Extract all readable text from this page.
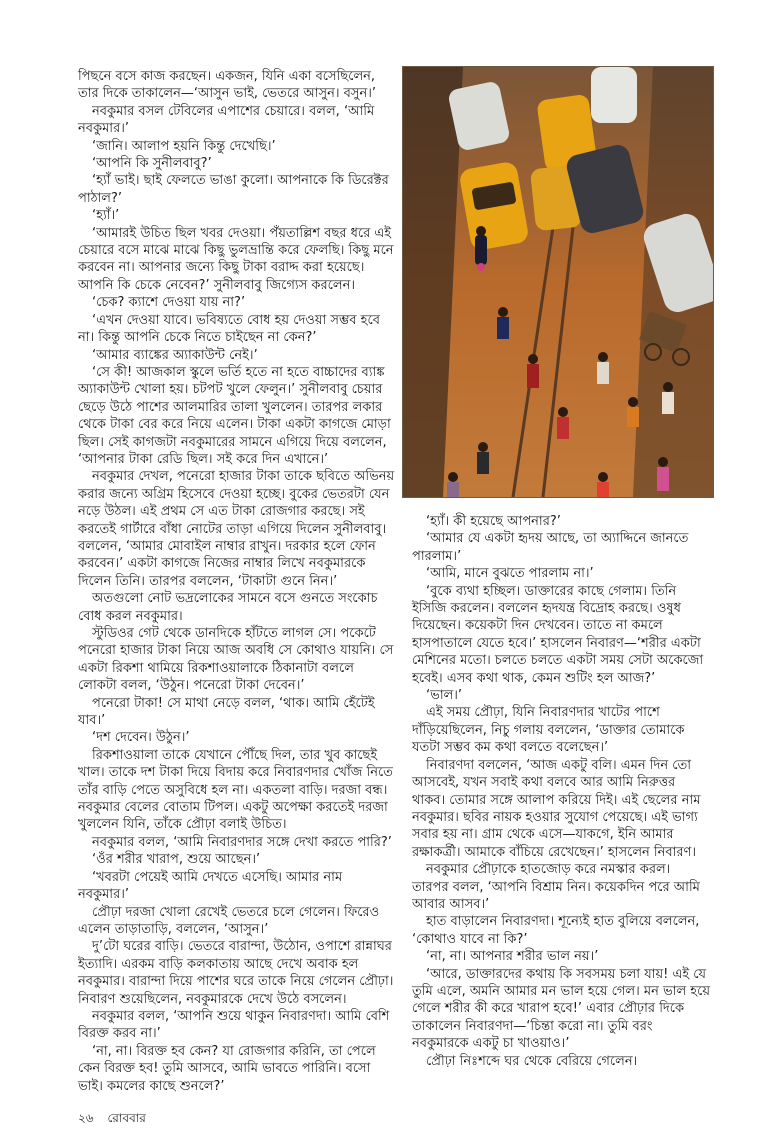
পিছনে বসে কাজ করছেন। একজন, যিনি একা বসেছিলেন, তার দিকে তাকালেন—‘আসুন ভাই, ভেতরে আসুন। বসুন।’

নবকুমার বসল টেবিলের এপাশের চেয়ারে। বলল, ‘আমি নবকুমার।’

‘জানি। আলাপ হয়নি কিন্তু দেখেছি।’

‘আপনি কি সুনীলবাবু?’

‘হ্যাঁ ভাই। ছাই ফেলতে ভাঙা কুলো। আপনাকে কি ডিরেক্টর পাঠাল?’

‘হ্যাঁ।’

‘আমারই উচিত ছিল খবর দেওয়া। পঁয়তাল্লিশ বছর ধরে এই চেয়ারে বসে মাঝে মাঝে কিছু ভুলভ্রান্তি করে ফেলছি। কিছু মনে করবেন না। আপনার জন্যে কিছু টাকা বরাদ্দ করা হয়েছে। আপনি কি চেকে নেবেন?’ সুনীলবাবু জিগ্যেস করলেন।

‘চেক? ক্যাশে দেওয়া যায় না?’

‘এখন দেওয়া যাবে। ভবিষ্যতে বোধ হয় দেওয়া সম্ভব হবে না। কিন্তু আপনি চেকে নিতে চাইছেন না কেন?’

‘আমার ব্যাঙ্কের অ্যাকাউন্ট নেই।’

‘সে কী! আজকাল স্কুলে ভর্তি হতে না হতে বাচ্চাদের ব্যাঙ্ক অ্যাকাউন্ট খোলা হয়। চটপট খুলে ফেলুন।’ সুনীলবাবু চেয়ার ছেড়ে উঠে পাশের আলমারির তালা খুললেন। তারপর লকার থেকে টাকা বের করে নিয়ে এলেন। টাকা একটা কাগজে মোড়া ছিল। সেই কাগজটা নবকুমারের সামনে এগিয়ে দিয়ে বললেন, ‘আপনার টাকা রেডি ছিল। সই করে দিন এখানে।’

নবকুমার দেখল, পনেরো হাজার টাকা তাকে ছবিতে অভিনয় করার জন্যে অগ্রিম হিসেবে দেওয়া হচ্ছে। বুকের ভেতরটা যেন নড়ে উঠল। এই প্রথম সে এত টাকা রোজগার করছে। সই করতেই গার্টারে বাঁধা নোটের তাড়া এগিয়ে দিলেন সুনীলবাবু। বললেন, ‘আমার মোবাইল নাম্বার রাখুন। দরকার হলে ফোন করবেন।’ একটা কাগজে নিজের নাম্বার লিখে নবকুমারকে দিলেন তিনি। তারপর বললেন, ‘টাকাটা গুনে নিন।’

অতগুলো নোট ভদ্রলোকের সামনে বসে গুনতে সংকোচ বোধ করল নবকুমার।

স্টুডিওর গেট থেকে ডানদিকে হাঁটতে লাগল সে। পকেটে পনেরো হাজার টাকা নিয়ে আজ অবধি সে কোথাও যায়নি। সে একটা রিকশা থামিয়ে রিকশাওয়ালাকে ঠিকানাটা বললে লোকটা বলল, ‘উঠুন। পনেরো টাকা দেবেন।’

পনেরো টাকা! সে মাথা নেড়ে বলল, ‘থাক। আমি হেঁটেই যাব।’

‘দশ দেবেন। উঠুন।’

রিকশাওয়ালা তাকে যেখানে পৌঁছে দিল, তার খুব কাছেই খাল। তাকে দশ টাকা দিয়ে বিদায় করে নিবারণদার খোঁজ নিতে তাঁর বাড়ি পেতে অসুবিধে হল না। একতলা বাড়ি। দরজা বন্ধ। নবকুমার বেলের বোতাম টিপল। একটু অপেক্ষা করতেই দরজা খুললেন যিনি, তাঁকে প্রৌঢ়া বলাই উচিত।

নবকুমার বলল, ‘আমি নিবারণদার সঙ্গে দেখা করতে পারি?’

‘ওঁর শরীর খারাপ, শুয়ে আছেন।’

‘খবরটা পেয়েই আমি দেখতে এসেছি। আমার নাম নবকুমার।’

প্রৌঢ়া দরজা খোলা রেখেই ভেতরে চলে গেলেন। ফিরেও এলেন তাড়াতাড়ি, বললেন, ‘আসুন।’

দু’টো ঘরের বাড়ি। ভেতরে বারান্দা, উঠোন, ওপাশে রান্নাঘর ইত্যাদি। এরকম বাড়ি কলকাতায় আছে দেখে অবাক হল নবকুমার। বারান্দা দিয়ে পাশের ঘরে তাকে নিয়ে গেলেন প্রৌঢ়া। নিবারণ শুয়েছিলেন, নবকুমারকে দেখে উঠে বসলেন।

নবকুমার বলল, ‘আপনি শুয়ে থাকুন নিবারণদা। আমি বেশি বিরক্ত করব না।’

‘না, না। বিরক্ত হব কেন? যা রোজগার করিনি, তা পেলে কেন বিরক্ত হব! তুমি আসবে, আমি ভাবতে পারিনি। বসো ভাই। কমলের কাছে শুনলে?’

‘হ্যাঁ। কী হয়েছে আপনার?’

‘আমার যে একটা হৃদয় আছে, তা অ্যাদ্দিনে জানতে পারলাম।’

‘আমি, মানে বুঝতে পারলাম না।’

‘বুকে ব্যথা হচ্ছিল। ডাক্তারের কাছে গেলাম। তিনি ইসিজি করলেন। বললেন হৃদযন্ত্র বিদ্রোহ করছে। ওষুধ দিয়েছেন। কয়েকটা দিন দেখবেন। তাতে না কমলে হাসপাতালে যেতে হবে।’ হাসলেন নিবারণ—‘শরীর একটা মেশিনের মতো। চলতে চলতে একটা সময় সেটা অকেজো হবেই। এসব কথা থাক, কেমন শুটিং হল আজ?’

‘ভাল।’

এই সময় প্রৌঢ়া, যিনি নিবারণদার খাটের পাশে দাঁড়িয়েছিলেন, নিচু গলায় বললেন, ‘ডাক্তার তোমাকে যতটা সম্ভব কম কথা বলতে বলেছেন।’

নিবারণদা বললেন, ‘আজ একটু বলি। এমন দিন তো আসবেই, যখন সবাই কথা বলবে আর আমি নিরুত্তর থাকব। তোমার সঙ্গে আলাপ করিয়ে দিই। এই ছেলের নাম নবকুমার। ছবির নায়ক হওয়ার সুযোগ পেয়েছে। এই ভাগ্য সবার হয় না। গ্রাম থেকে এসে—যাকগে, ইনি আমার রক্ষাকর্ত্রী। আমাকে বাঁচিয়ে রেখেছেন।’ হাসলেন নিবারণ।

নবকুমার প্রৌঢ়াকে হাতজোড় করে নমস্কার করল। তারপর বলল, ‘আপনি বিশ্রাম নিন। কয়েকদিন পরে আমি আবার আসব।’

হাত বাড়ালেন নিবারণদা। শূন্যেই হাত বুলিয়ে বললেন, ‘কোথাও যাবে না কি?’

‘না, না। আপনার শরীর ভাল নয়।’

‘আরে, ডাক্তারদের কথায় কি সবসময় চলা যায়! এই যে তুমি এলে, অমনি আমার মন ভাল হয়ে গেল। মন ভাল হয়ে গেলে শরীর কী করে খারাপ হবে!’ এবার প্রৌঢ়ার দিকে তাকালেন নিবারণদা—‘চিন্তা করো না। তুমি বরং নবকুমারকে একটু চা খাওয়াও।’

প্রৌঢ়া নিঃশব্দে ঘর থেকে বেরিয়ে গেলেন।

২৬ রোববার
